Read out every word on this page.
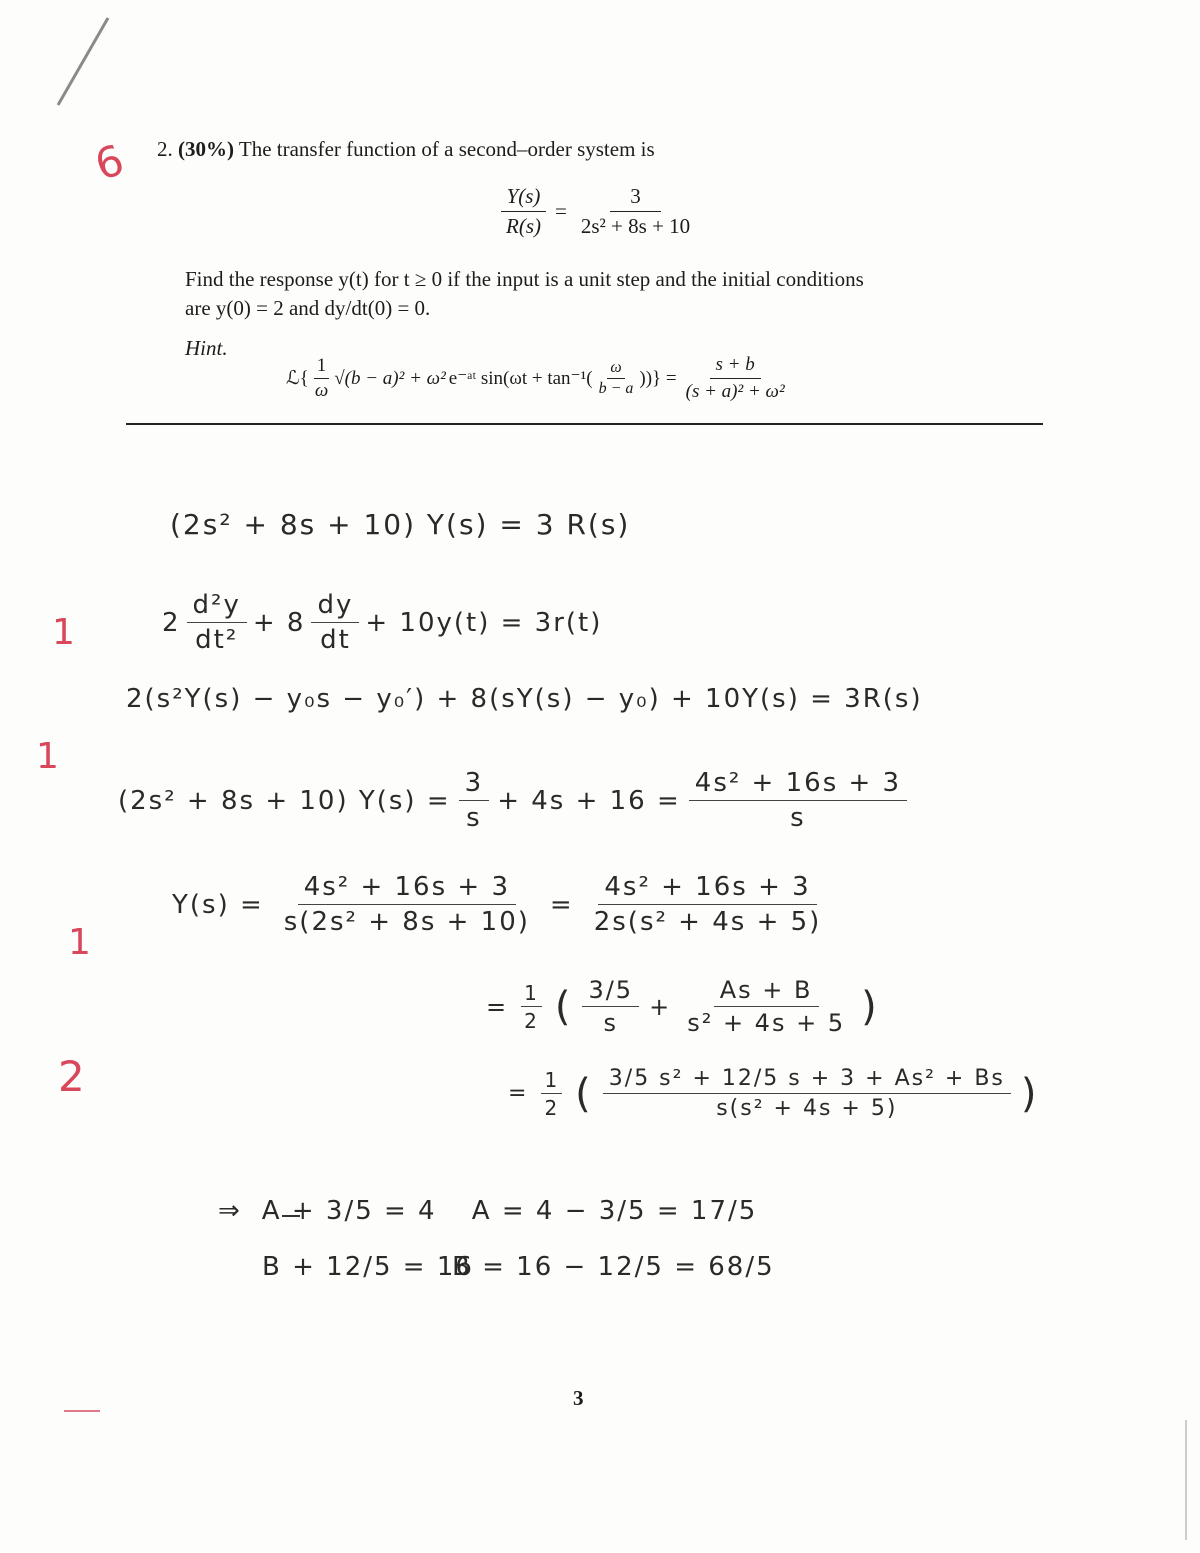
6
1
1
1
2
2. (30%) The transfer function of a second–order system is
$\frac{Y(s)}{R(s)} = \frac{3}{\text{2s² + 8s + 10}}$
Find the response y(t) for t ≥ 0 if the input is a unit step and the initial conditions
are y(0) = 2 and dy/dt(0) = 0.
Hint.
ℒ{ $\frac{1}{\omega} √(b - a)^2 + \omega^2$ e⁻ᵃᵗ $\sin(\omega t + \tan^{-1}( \frac{\omega}{b - a}$ ))} = $\frac{s + b}{\text{(s + a)² + ω²}}$
(2s² + 8s + 10) Y(s) = 3 R(s)
$2 \frac{\text{d²y}}{\text{dt²}} + 8 \frac{dy}{dt} + 10y(t) = 3r(t)$
2(s²Y(s) − y₀s − y₀′) + 8(sY(s) − y₀) + 10Y(s) = 3R(s)
(2s² + 8s + 10) $Y(s) = \frac{3}{s} + 4s + 16 = \frac{\text{4s² + 16s + 3}}{s}$
$Y(s) = \frac{\text{4s² + 16s + 3}}{\text{s(2s² + 8s + 10)}} = \frac{\text{4s² + 16s + 3}}{\text{2s(s² + 4s + 5)}}$
= $\frac{1}{2}$ ( $\frac{3/5}{s} + \frac{As + B}{\text{s² + 4s + 5}}$ )
= $\frac{1}{2}$ ( $\frac{\text{3/5 s² + 12/5 s + 3 + As² + Bs}}{\text{s(s² + 4s + 5)}}$ )
⇒ A + 3/5 = 4	A = 4 − 3/5 = 17/5
B + 12/5 = 16
B = 16 − 12/5 = 68/5
3
